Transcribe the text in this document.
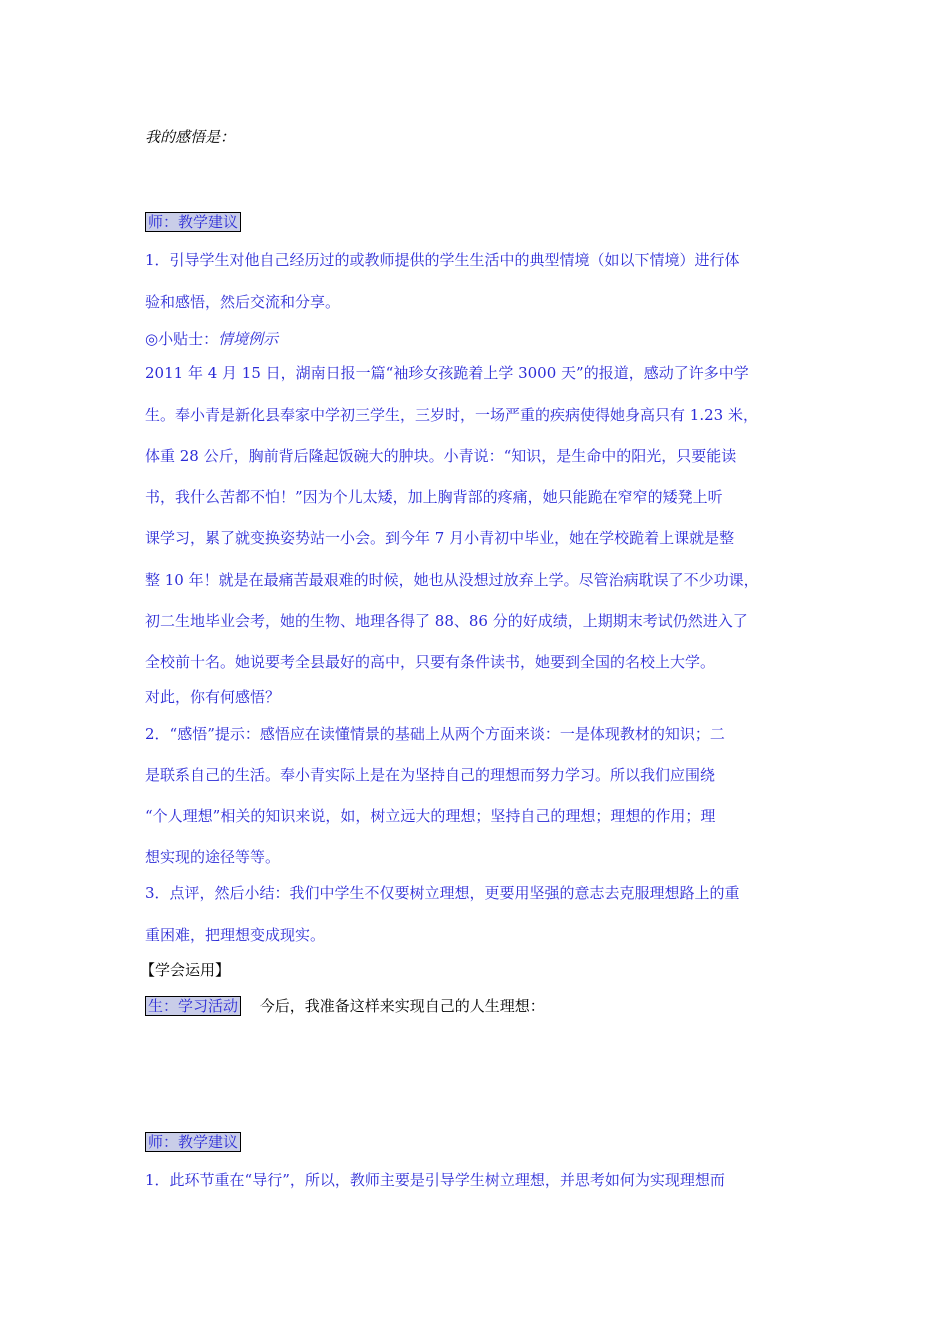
我的感悟是：
师：教学建议
1．引导学生对他自己经历过的或教师提供的学生生活中的典型情境（如以下情境）进行体
验和感悟，然后交流和分享。
◎小贴士：情境例示
2011 年 4 月 15 日，湖南日报一篇“袖珍女孩跪着上学 3000 天”的报道，感动了许多中学
生。奉小青是新化县奉家中学初三学生，三岁时，一场严重的疾病使得她身高只有 1.23 米，
体重 28 公斤，胸前背后隆起饭碗大的肿块。小青说：“知识，是生命中的阳光，只要能读
书，我什么苦都不怕！”因为个儿太矮，加上胸背部的疼痛，她只能跪在窄窄的矮凳上听
课学习，累了就变换姿势站一小会。到今年 7 月小青初中毕业，她在学校跪着上课就是整
整 10 年！就是在最痛苦最艰难的时候，她也从没想过放弃上学。尽管治病耽误了不少功课，
初二生地毕业会考，她的生物、地理各得了 88、86 分的好成绩，上期期末考试仍然进入了
全校前十名。她说要考全县最好的高中，只要有条件读书，她要到全国的名校上大学。
对此，你有何感悟？
2．“感悟”提示：感悟应在读懂情景的基础上从两个方面来谈：一是体现教材的知识；二
是联系自己的生活。奉小青实际上是在为坚持自己的理想而努力学习。所以我们应围绕
“个人理想”相关的知识来说，如，树立远大的理想；坚持自己的理想；理想的作用；理
想实现的途径等等。
3．点评，然后小结：我们中学生不仅要树立理想，更要用坚强的意志去克服理想路上的重
重困难，把理想变成现实。
【学会运用】
生：学习活动 今后，我准备这样来实现自己的人生理想：
师：教学建议
1．此环节重在“导行”，所以，教师主要是引导学生树立理想，并思考如何为实现理想而
